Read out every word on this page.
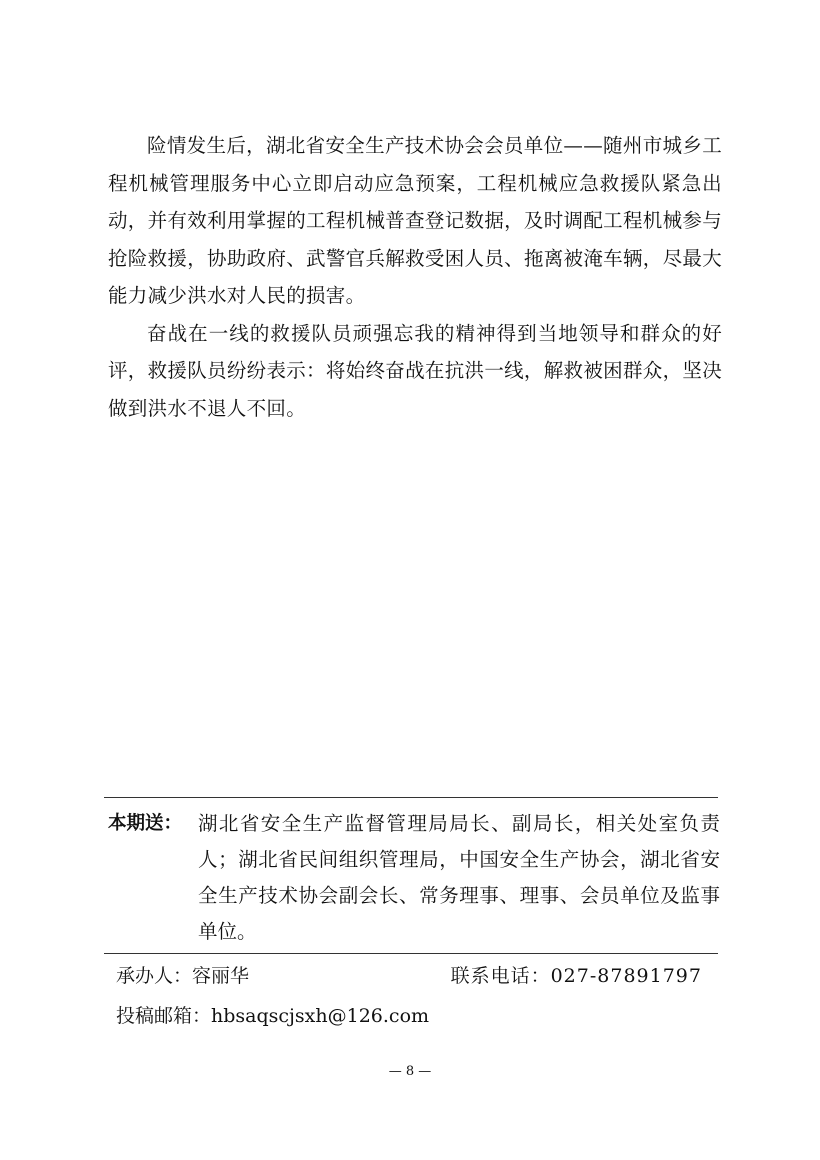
险情发生后，湖北省安全生产技术协会会员单位——随州市城乡工程机械管理服务中心立即启动应急预案，工程机械应急救援队紧急出动，并有效利用掌握的工程机械普查登记数据，及时调配工程机械参与抢险救援，协助政府、武警官兵解救受困人员、拖离被淹车辆，尽最大能力减少洪水对人民的损害。

奋战在一线的救援队员顽强忘我的精神得到当地领导和群众的好评，救援队员纷纷表示：将始终奋战在抗洪一线，解救被困群众，坚决做到洪水不退人不回。

本期送： 湖北省安全生产监督管理局局长、副局长，相关处室负责人；湖北省民间组织管理局，中国安全生产协会，湖北省安全生产技术协会副会长、常务理事、理事、会员单位及监事单位。
承办人：容丽华	联系电话：027-87891797
投稿邮箱：hbsaqscjsxh@126.com
— 8 —
